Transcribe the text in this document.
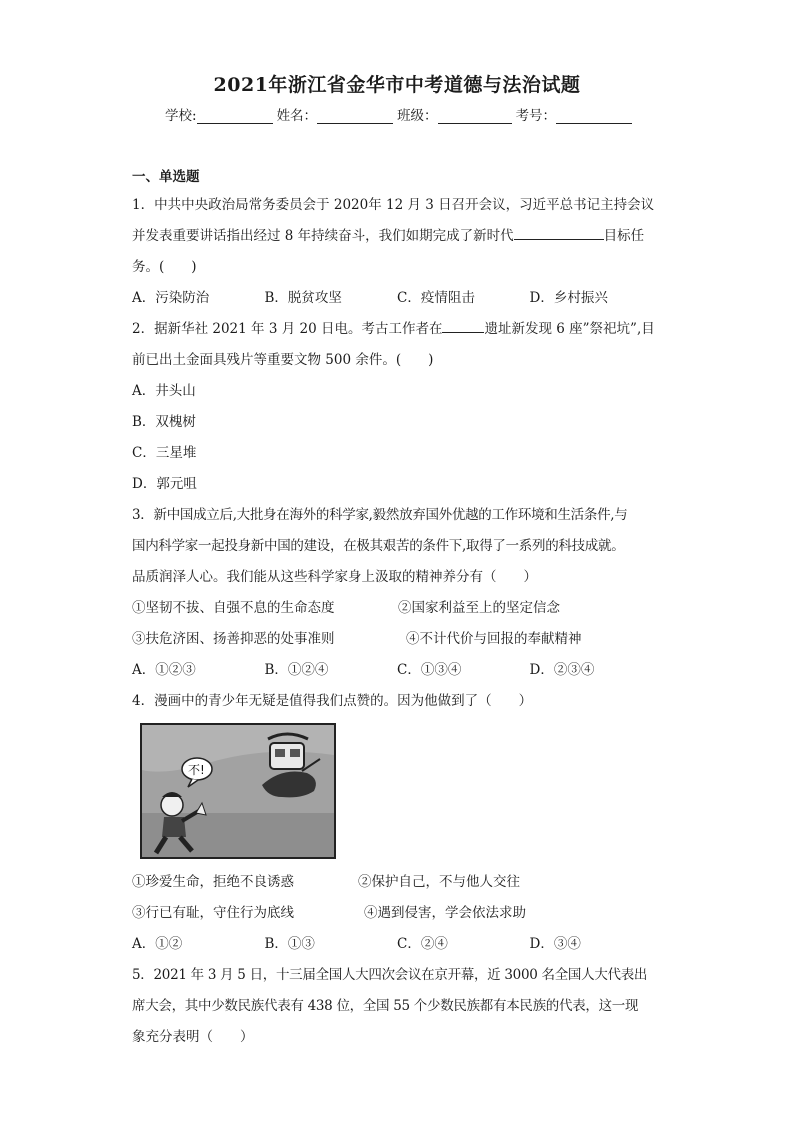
2021年浙江省金华市中考道德与法治试题
学校:	姓名：	班级：	考号：
一、单选题
1．中共中央政治局常务委员会于 2020年 12 月 3 日召开会议，习近平总书记主持会议
并发表重要讲话指出经过 8 年持续奋斗，我们如期完成了新时代	目标任
务。(　　)
A．污染防治	B．脱贫攻坚	C．疫情阻击	D．乡村振兴
2．据新华社 2021 年 3 月 20 日电。考古工作者在	遗址新发现 6 座”祭祀坑”,目
前已出土金面具残片等重要文物 500 余件。(　　)
A．井头山
B．双槐树
C．三星堆
D．郭元咀
3．新中国成立后,大批身在海外的科学家,毅然放弃国外优越的工作环境和生活条件,与
国内科学家一起投身新中国的建设，在极其艰苦的条件下,取得了一系列的科技成就。
品质润泽人心。我们能从这些科学家身上汲取的精神养分有（　　）
①坚韧不拔、自强不息的生命态度	②国家利益至上的坚定信念
③扶危济困、扬善抑恶的处事准则	④不计代价与回报的奉献精神
A．①②③	B．①②④	C．①③④	D．②③④
4．漫画中的青少年无疑是值得我们点赞的。因为他做到了（　　）
不!
①珍爱生命，拒绝不良诱惑	②保护自己，不与他人交往
③行已有耻，守住行为底线	④遇到侵害，学会依法求助
A．①②	B．①③	C．②④	D．③④
5．2021 年 3 月 5 日，十三届全国人大四次会议在京开幕，近 3000 名全国人大代表出
席大会，其中少数民族代表有 438 位，全国 55 个少数民族都有本民族的代表，这一现
象充分表明（　　）
